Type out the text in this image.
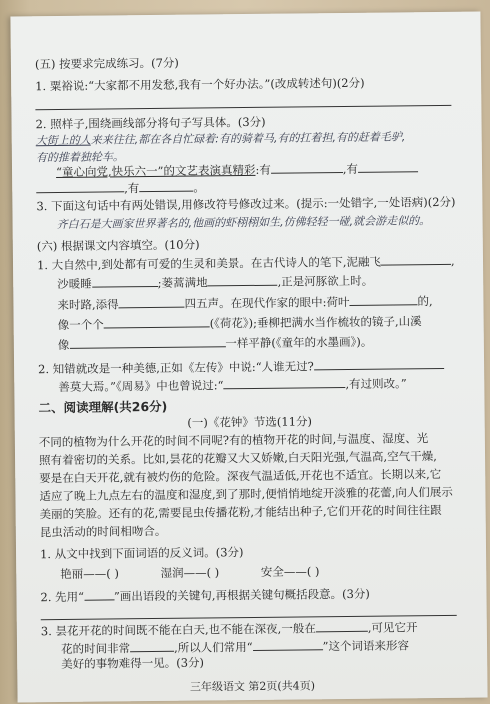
(五) 按要求完成练习。(7分)
1. 粟裕说:“大家都不用发愁,我有一个好办法。”(改成转述句)(2分)
2. 照样子,围绕画线部分将句子写具体。(3分)
大街上的人来来往往,都在各自忙碌着:有的骑着马,有的扛着担,有的赶着毛驴,
有的推着独轮车。
“童心向党,快乐六一”的文艺表演真精彩:有	,有
,有	。
3. 下面这句话中有两处错误,用修改符号修改过来。(提示:一处错字,一处语病)(2分)
齐白石是大画家世界著名的,他画的虾栩栩如生,仿佛轻轻一碰,就会游走似的。
(六) 根据课文内容填空。(10分)
1. 大自然中,到处都有可爱的生灵和美景。在古代诗人的笔下,泥融飞	,
沙暖睡	;蒌蒿满地	,正是河豚欲上时。
来时路,添得	四五声。在现代作家的眼中:荷叶	的,
像一个个	(《荷花》);垂柳把满水当作梳妆的镜子,山溪
像	一样平静(《童年的水墨画》)。
2. 知错就改是一种美德,正如《左传》中说:“人谁无过?
善莫大焉。”《周易》中也曾说过:“	,有过则改。”
二、阅读理解(共26分)
(一)《花钟》节选(11分)
不同的植物为什么开花的时间不同呢?有的植物开花的时间,与温度、湿度、光
照有着密切的关系。比如,昙花的花瓣又大又娇嫩,白天阳光强,气温高,空气干燥,
要是在白天开花,就有被灼伤的危险。深夜气温适低,开花也不适宜。长期以来,它
适应了晚上九点左右的温度和湿度,到了那时,便悄悄地绽开淡雅的花蕾,向人们展示
美丽的笑脸。还有的花,需要昆虫传播花粉,才能结出种子,它们开花的时间往往跟
昆虫活动的时间相吻合。
1. 从文中找到下面词语的反义词。(3分)
艳丽——( )	湿润——( )	安全——( )
2. 先用“	”画出语段的关键句,再根据关键句概括段意。(3分)
3. 昙花开花的时间既不能在白天,也不能在深夜,一般在	,可见它开
花的时间非常	,所以人们常用“	”这个词语来形容
美好的事物难得一见。(3分)
三年级语文 第2页(共4页)
